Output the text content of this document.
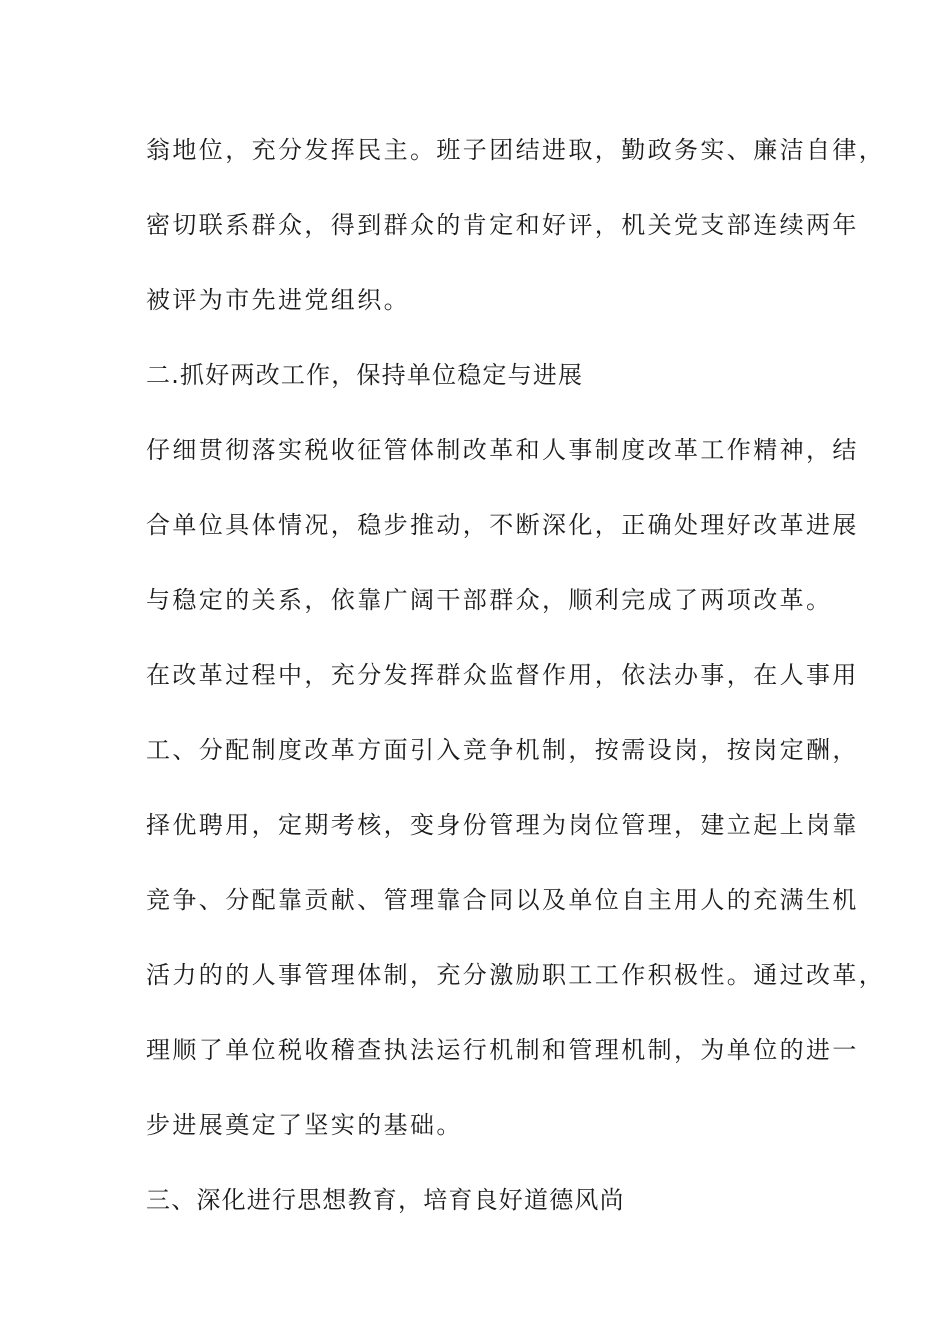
翁地位，充分发挥民主。班子团结进取，勤政务实、廉洁自律，

密切联系群众，得到群众的肯定和好评，机关党支部连续两年

被评为市先进党组织。

二.抓好两改工作，保持单位稳定与进展

仔细贯彻落实税收征管体制改革和人事制度改革工作精神，结

合单位具体情况，稳步推动，不断深化，正确处理好改革进展

与稳定的关系，依靠广阔干部群众，顺利完成了两项改革。

在改革过程中，充分发挥群众监督作用，依法办事，在人事用

工、分配制度改革方面引入竞争机制，按需设岗，按岗定酬，

择优聘用，定期考核，变身份管理为岗位管理，建立起上岗靠

竞争、分配靠贡献、管理靠合同以及单位自主用人的充满生机

活力的的人事管理体制，充分激励职工工作积极性。通过改革，

理顺了单位税收稽查执法运行机制和管理机制，为单位的进一

步进展奠定了坚实的基础。

三、深化进行思想教育，培育良好道德风尚
